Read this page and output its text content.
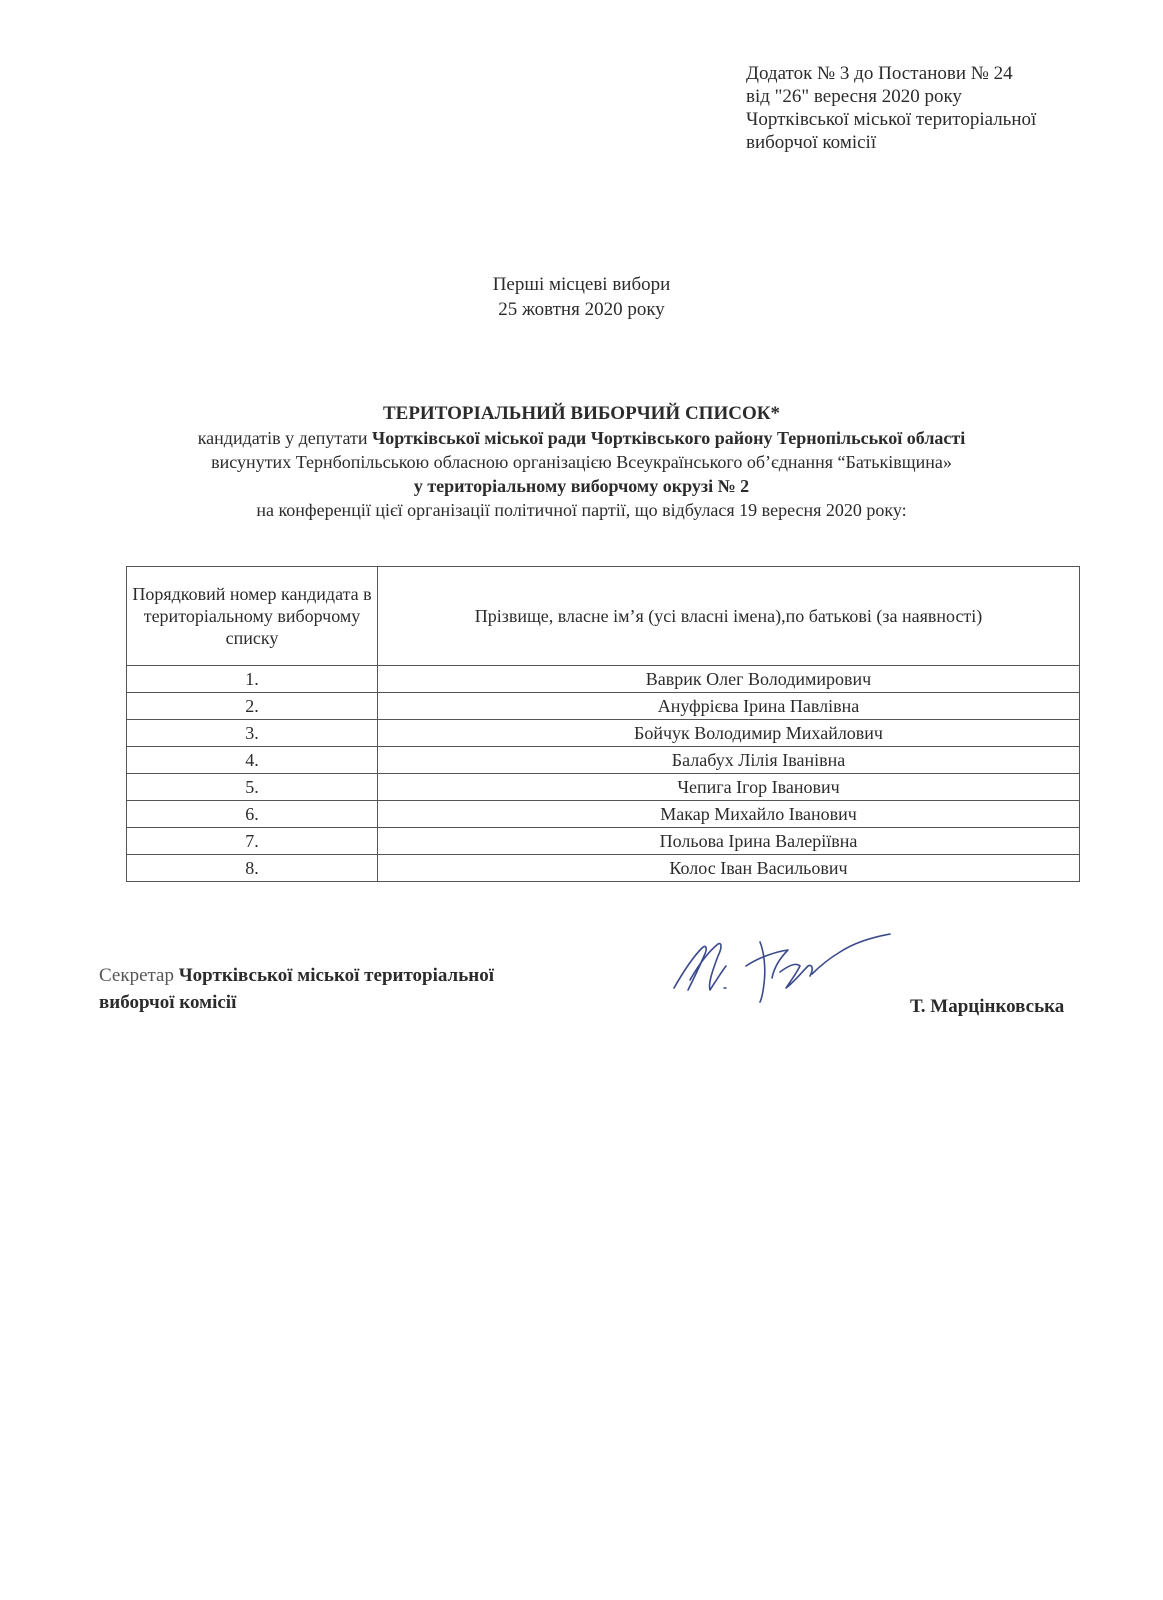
Додаток № 3 до Постанови № 24
від "26" вересня 2020 року
Чортківської міської територіальної
виборчої комісії
Перші місцеві вибори
25 жовтня 2020 року
ТЕРИТОРІАЛЬНИЙ ВИБОРЧИЙ СПИСОК*
кандидатів у депутати Чортківської міської ради Чортківського району Тернопільської області
висунутих Тернбопільською обласною організацією Всеукраїнського об’єднання “Батьківщина»
у територіальному виборчому окрузі № 2
на конференції цієї організації політичної партії, що відбулася 19 вересня 2020 року:
Порядковий номер кандидата в територіальному виборчому списку	Прізвище, власне ім’я (усі власні імена),по батькові (за наявності)
1.	Ваврик Олег Володимирович
2.	Ануфрієва Ірина Павлівна
3.	Бойчук Володимир Михайлович
4.	Балабух Лілія Іванівна
5.	Чепига Ігор Іванович
6.	Макар Михайло Іванович
7.	Польова Ірина Валеріївна
8.	Колос Іван Васильович
Секретар Чортківської міської територіальної
виборчої комісії	Т. Марцінковська
